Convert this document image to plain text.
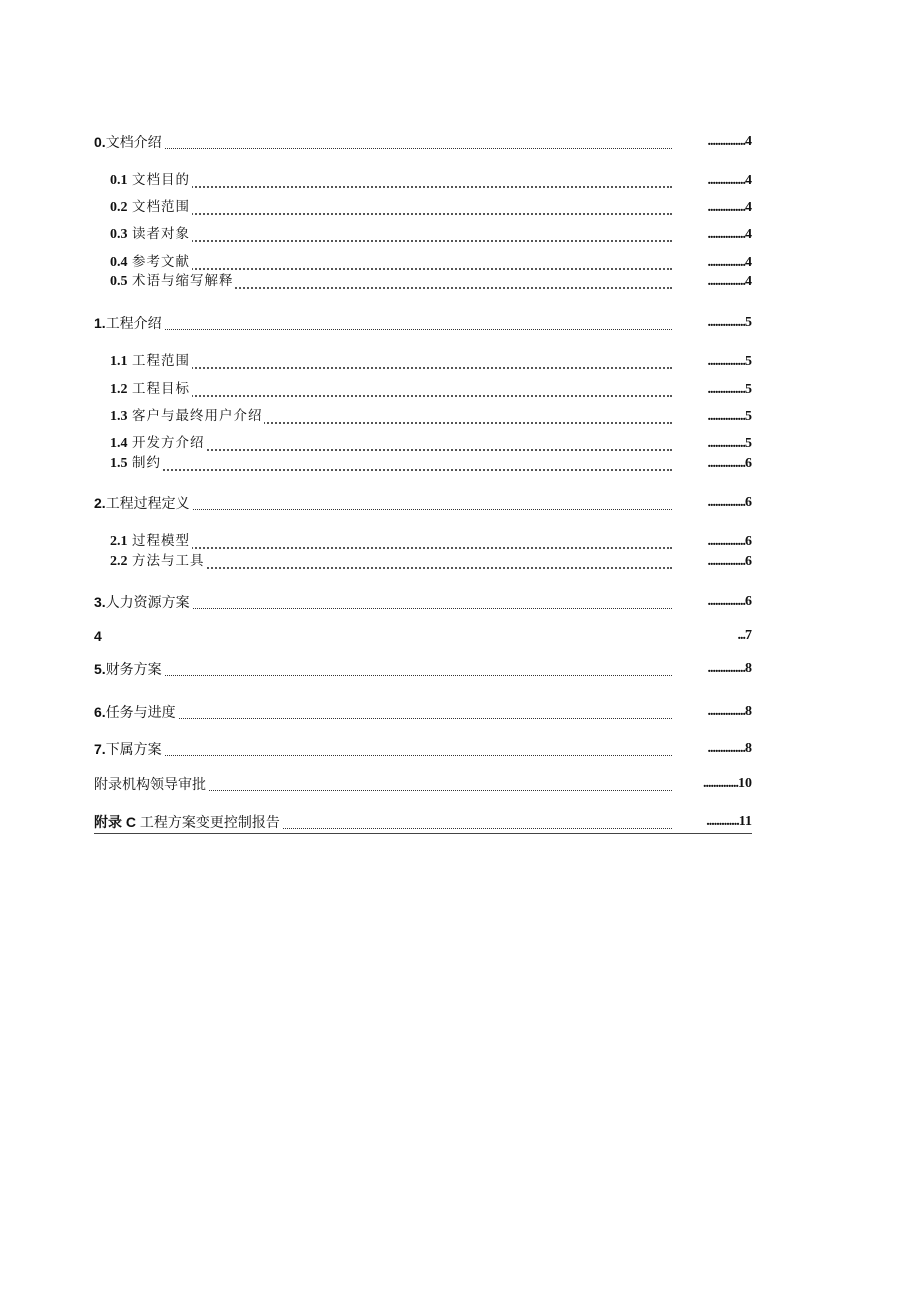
0.文档介绍	...............4
0.1 文档目的	...............4
0.2 文档范围	...............4
0.3 读者对象	...............4
0.4 参考文献	...............4
0.5 术语与缩写解释	...............4
1.工程介绍	...............5
1.1 工程范围	...............5
1.2 工程目标	...............5
1.3 客户与最终用户介绍	...............5
1.4 开发方介绍	...............5
1.5 制约	...............6
2.工程过程定义	...............6
2.1 过程模型	...............6
2.2 方法与工具	...............6
3.人力资源方案	...............6
4	...7
5.财务方案	...............8
6.任务与进度	...............8
7.下属方案	...............8
附录机构领导审批	..............10
附录 C 工程方案变更控制报告	.............11
